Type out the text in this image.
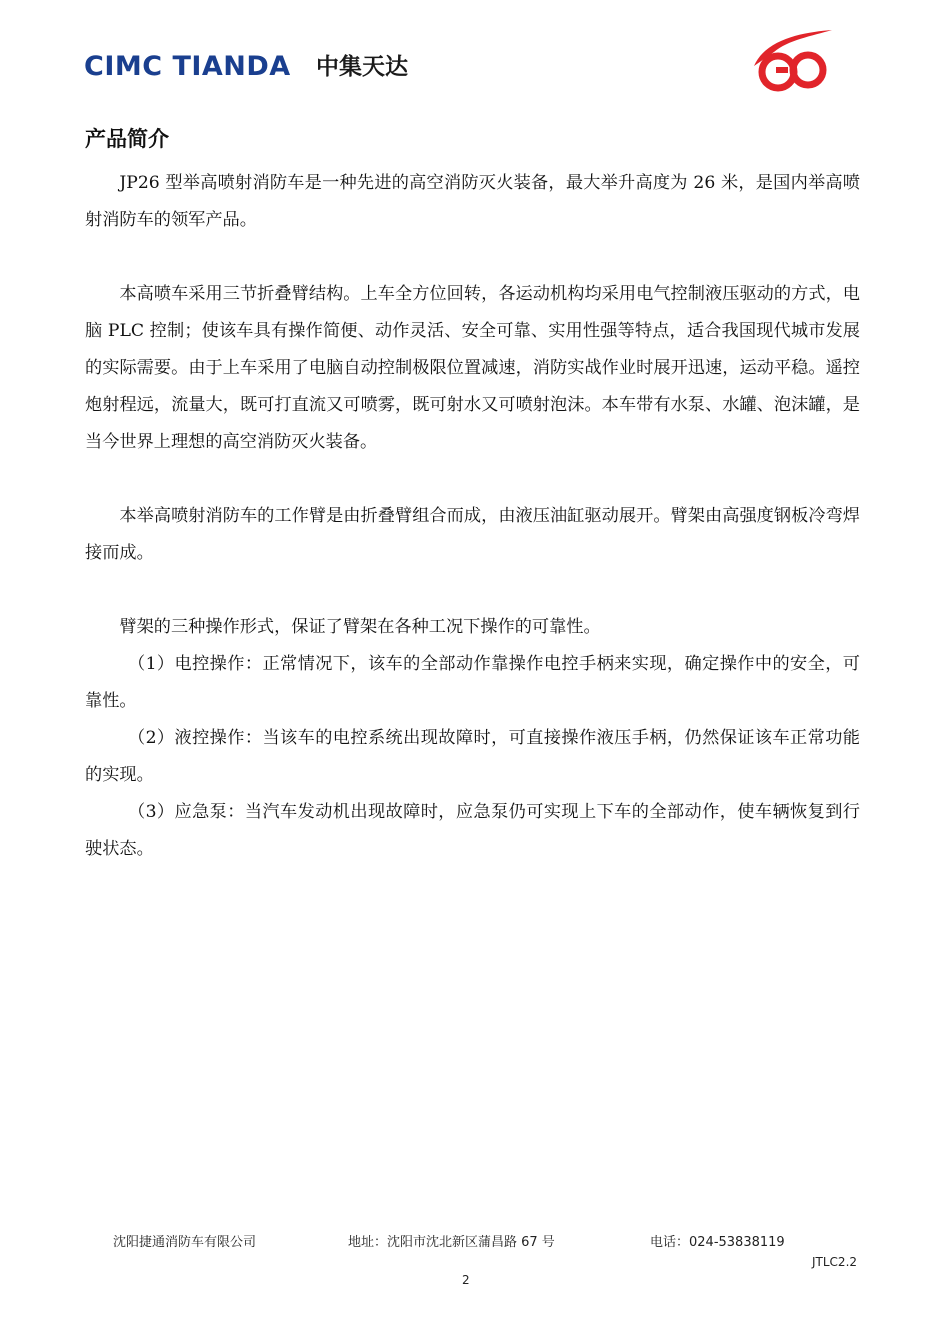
CIMC TIANDA 中集天达
产品简介

JP26 型举高喷射消防车是一种先进的高空消防灭火装备，最大举升高度为 26 米，是国内举高喷射消防车的领军产品。

本高喷车采用三节折叠臂结构。上车全方位回转，各运动机构均采用电气控制液压驱动的方式，电脑 PLC 控制；使该车具有操作简便、动作灵活、安全可靠、实用性强等特点，适合我国现代城市发展的实际需要。由于上车采用了电脑自动控制极限位置减速，消防实战作业时展开迅速，运动平稳。遥控炮射程远，流量大，既可打直流又可喷雾，既可射水又可喷射泡沫。本车带有水泵、水罐、泡沫罐，是当今世界上理想的高空消防灭火装备。

本举高喷射消防车的工作臂是由折叠臂组合而成，由液压油缸驱动展开。臂架由高强度钢板冷弯焊接而成。

臂架的三种操作形式，保证了臂架在各种工况下操作的可靠性。

（1）电控操作：正常情况下，该车的全部动作靠操作电控手柄来实现，确定操作中的安全，可靠性。

（2）液控操作：当该车的电控系统出现故障时，可直接操作液压手柄，仍然保证该车正常功能的实现。

（3）应急泵：当汽车发动机出现故障时，应急泵仍可实现上下车的全部动作，使车辆恢复到行驶状态。

沈阳捷通消防车有限公司	地址：沈阳市沈北新区蒲昌路 67 号	电话：024-53838119
JTLC2.2
2
